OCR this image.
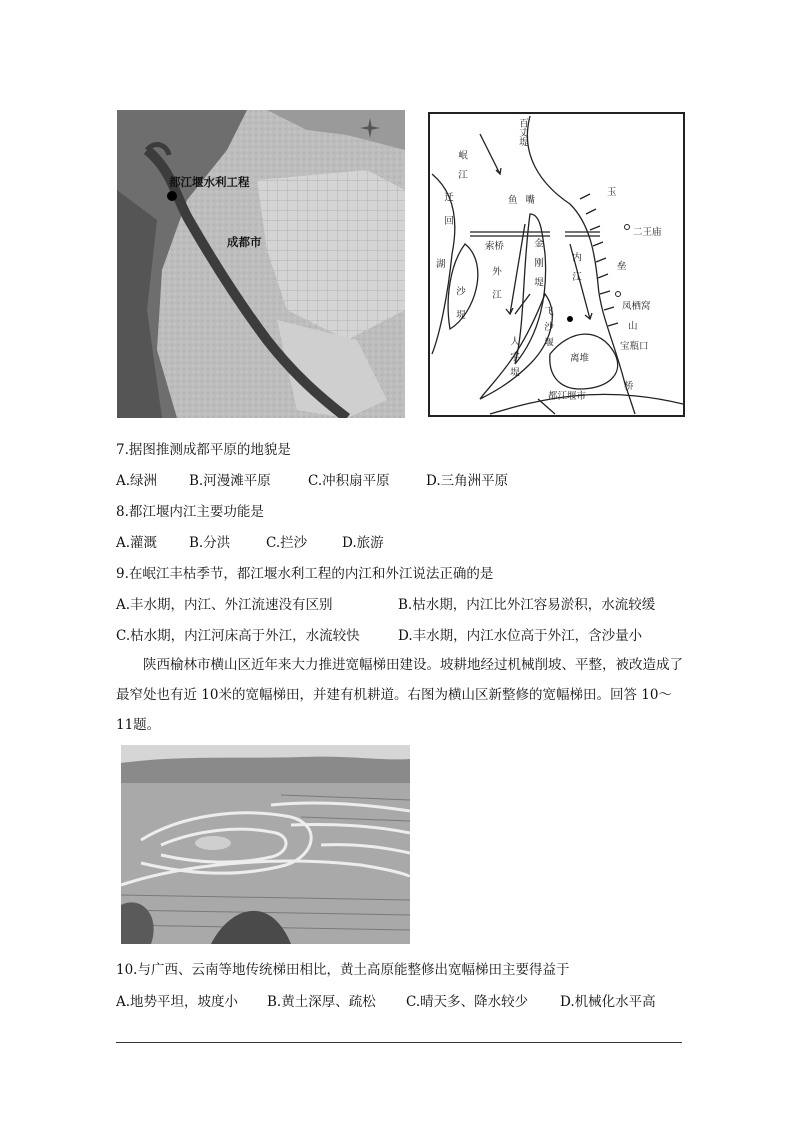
都江堰水利工程
成都市
百丈堤
岷江
鱼嘴
玉
二王庙
迁回
湖
沙堤
索桥
外江	金刚堤	内江	垒
凤栖窝
山
宝瓶口
飞沙堰
人字堤	离堆
桥
都江堰市
7.据图推测成都平原的地貌是
A.绿洲 B.河漫滩平原	C.冲积扇平原	D.三角洲平原
8.都江堰内江主要功能是
A.灌溉 B.分洪	C.拦沙	D.旅游
9.在岷江丰枯季节，都江堰水利工程的内江和外江说法正确的是
A.丰水期，内江、外江流速没有区别	B.枯水期，内江比外江容易淤积，水流较缓
C.枯水期，内江河床高于外江，水流较快	D.丰水期，内江水位高于外江，含沙量小
陕西榆林市横山区近年来大力推进宽幅梯田建设。坡耕地经过机械削坡、平整，被改造成了最窄处也有近 10米的宽幅梯田，并建有机耕道。右图为横山区新整修的宽幅梯田。回答 10～11题。
10.与广西、云南等地传统梯田相比，黄土高原能整修出宽幅梯田主要得益于
A.地势平坦，坡度小 B.黄土深厚、疏松 C.晴天多、降水较少 D.机械化水平高
